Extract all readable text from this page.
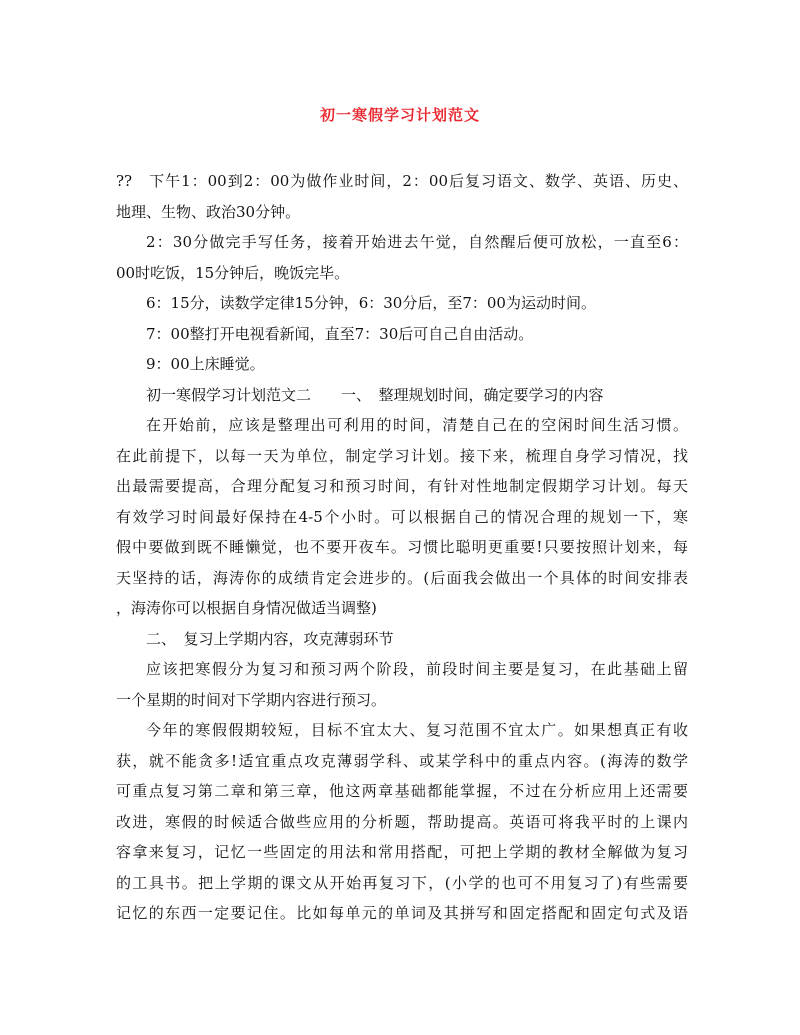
初一寒假学习计划范文
??　下午1：00到2：00为做作业时间，2：00后复习语文、数学、英语、历史、
地理、生物、政治30分钟。
2：30分做完手写任务，接着开始进去午觉，自然醒后便可放松，一直至6：
00时吃饭，15分钟后，晚饭完毕。
6：15分，读数学定律15分钟，6：30分后，至7：00为运动时间。
7：00整打开电视看新闻，直至7：30后可自己自由活动。
9：00上床睡觉。
初一寒假学习计划范文二　　一、　整理规划时间，确定要学习的内容
在开始前，应该是整理出可利用的时间，清楚自己在的空闲时间生活习惯。
在此前提下，以每一天为单位，制定学习计划。接下来，梳理自身学习情况，找
出最需要提高，合理分配复习和预习时间，有针对性地制定假期学习计划。每天
有效学习时间最好保持在4-5个小时。可以根据自己的情况合理的规划一下，寒
假中要做到既不睡懒觉，也不要开夜车。习惯比聪明更重要!只要按照计划来，每
天坚持的话，海涛你的成绩肯定会进步的。(后面我会做出一个具体的时间安排表
，海涛你可以根据自身情况做适当调整)
二、　复习上学期内容，攻克薄弱环节
应该把寒假分为复习和预习两个阶段，前段时间主要是复习，在此基础上留
一个星期的时间对下学期内容进行预习。
今年的寒假假期较短，目标不宜太大、复习范围不宜太广。如果想真正有收
获，就不能贪多!适宜重点攻克薄弱学科、或某学科中的重点内容。(海涛的数学
可重点复习第二章和第三章，他这两章基础都能掌握，不过在分析应用上还需要
改进，寒假的时候适合做些应用的分析题，帮助提高。英语可将我平时的上课内
容拿来复习，记忆一些固定的用法和常用搭配，可把上学期的教材全解做为复习
的工具书。把上学期的课文从开始再复习下，(小学的也可不用复习了)有些需要
记忆的东西一定要记住。比如每单元的单词及其拼写和固定搭配和固定句式及语
